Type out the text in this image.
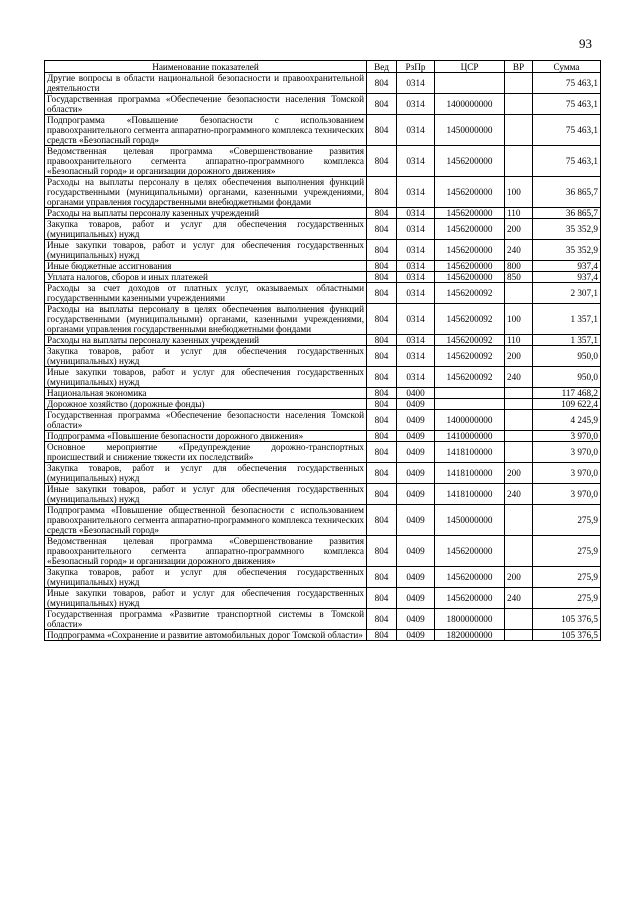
93
Наименование показателей	Вед	РзПр	ЦСР	ВР	Сумма
Другие вопросы в области национальной безопасности и правоохранительной деятельности	804	0314			75 463,1
Государственная программа «Обеспечение безопасности населения Томской области»	804	0314	1400000000		75 463,1
Подпрограмма «Повышение безопасности с использованием правоохранительного сегмента аппаратно-программного комплекса технических средств «Безопасный город»	804	0314	1450000000		75 463,1
Ведомственная целевая программа «Совершенствование развития правоохранительного сегмента аппаратно-программного комплекса «Безопасный город» и организации дорожного движения»	804	0314	1456200000		75 463,1
Расходы на выплаты персоналу в целях обеспечения выполнения функций государственными (муниципальными) органами, казенными учреждениями, органами управления государственными внебюджетными фондами	804	0314	1456200000	100	36 865,7
Расходы на выплаты персоналу казенных учреждений	804	0314	1456200000	110	36 865,7
Закупка товаров, работ и услуг для обеспечения государственных (муниципальных) нужд	804	0314	1456200000	200	35 352,9
Иные закупки товаров, работ и услуг для обеспечения государственных (муниципальных) нужд	804	0314	1456200000	240	35 352,9
Иные бюджетные ассигнования	804	0314	1456200000	800	937,4
Уплата налогов, сборов и иных платежей	804	0314	1456200000	850	937,4
Расходы за счет доходов от платных услуг, оказываемых областными государственными казенными учреждениями	804	0314	1456200092		2 307,1
Расходы на выплаты персоналу в целях обеспечения выполнения функций государственными (муниципальными) органами, казенными учреждениями, органами управления государственными внебюджетными фондами	804	0314	1456200092	100	1 357,1
Расходы на выплаты персоналу казенных учреждений	804	0314	1456200092	110	1 357,1
Закупка товаров, работ и услуг для обеспечения государственных (муниципальных) нужд	804	0314	1456200092	200	950,0
Иные закупки товаров, работ и услуг для обеспечения государственных (муниципальных) нужд	804	0314	1456200092	240	950,0
Национальная экономика	804	0400			117 468,2
Дорожное хозяйство (дорожные фонды)	804	0409			109 622,4
Государственная программа «Обеспечение безопасности населения Томской области»	804	0409	1400000000		4 245,9
Подпрограмма «Повышение безопасности дорожного движения»	804	0409	1410000000		3 970,0
Основное мероприятие «Предупреждение дорожно-транспортных происшествий и снижение тяжести их последствий»	804	0409	1418100000		3 970,0
Закупка товаров, работ и услуг для обеспечения государственных (муниципальных) нужд	804	0409	1418100000	200	3 970,0
Иные закупки товаров, работ и услуг для обеспечения государственных (муниципальных) нужд	804	0409	1418100000	240	3 970,0
Подпрограмма «Повышение общественной безопасности с использованием правоохранительного сегмента аппаратно-программного комплекса технических средств «Безопасный город»	804	0409	1450000000		275,9
Ведомственная целевая программа «Совершенствование развития правоохранительного сегмента аппаратно-программного комплекса «Безопасный город» и организации дорожного движения»	804	0409	1456200000		275,9
Закупка товаров, работ и услуг для обеспечения государственных (муниципальных) нужд	804	0409	1456200000	200	275,9
Иные закупки товаров, работ и услуг для обеспечения государственных (муниципальных) нужд	804	0409	1456200000	240	275,9
Государственная программа «Развитие транспортной системы в Томской области»	804	0409	1800000000		105 376,5
Подпрограмма «Сохранение и развитие автомобильных дорог Томской области»	804	0409	1820000000		105 376,5
